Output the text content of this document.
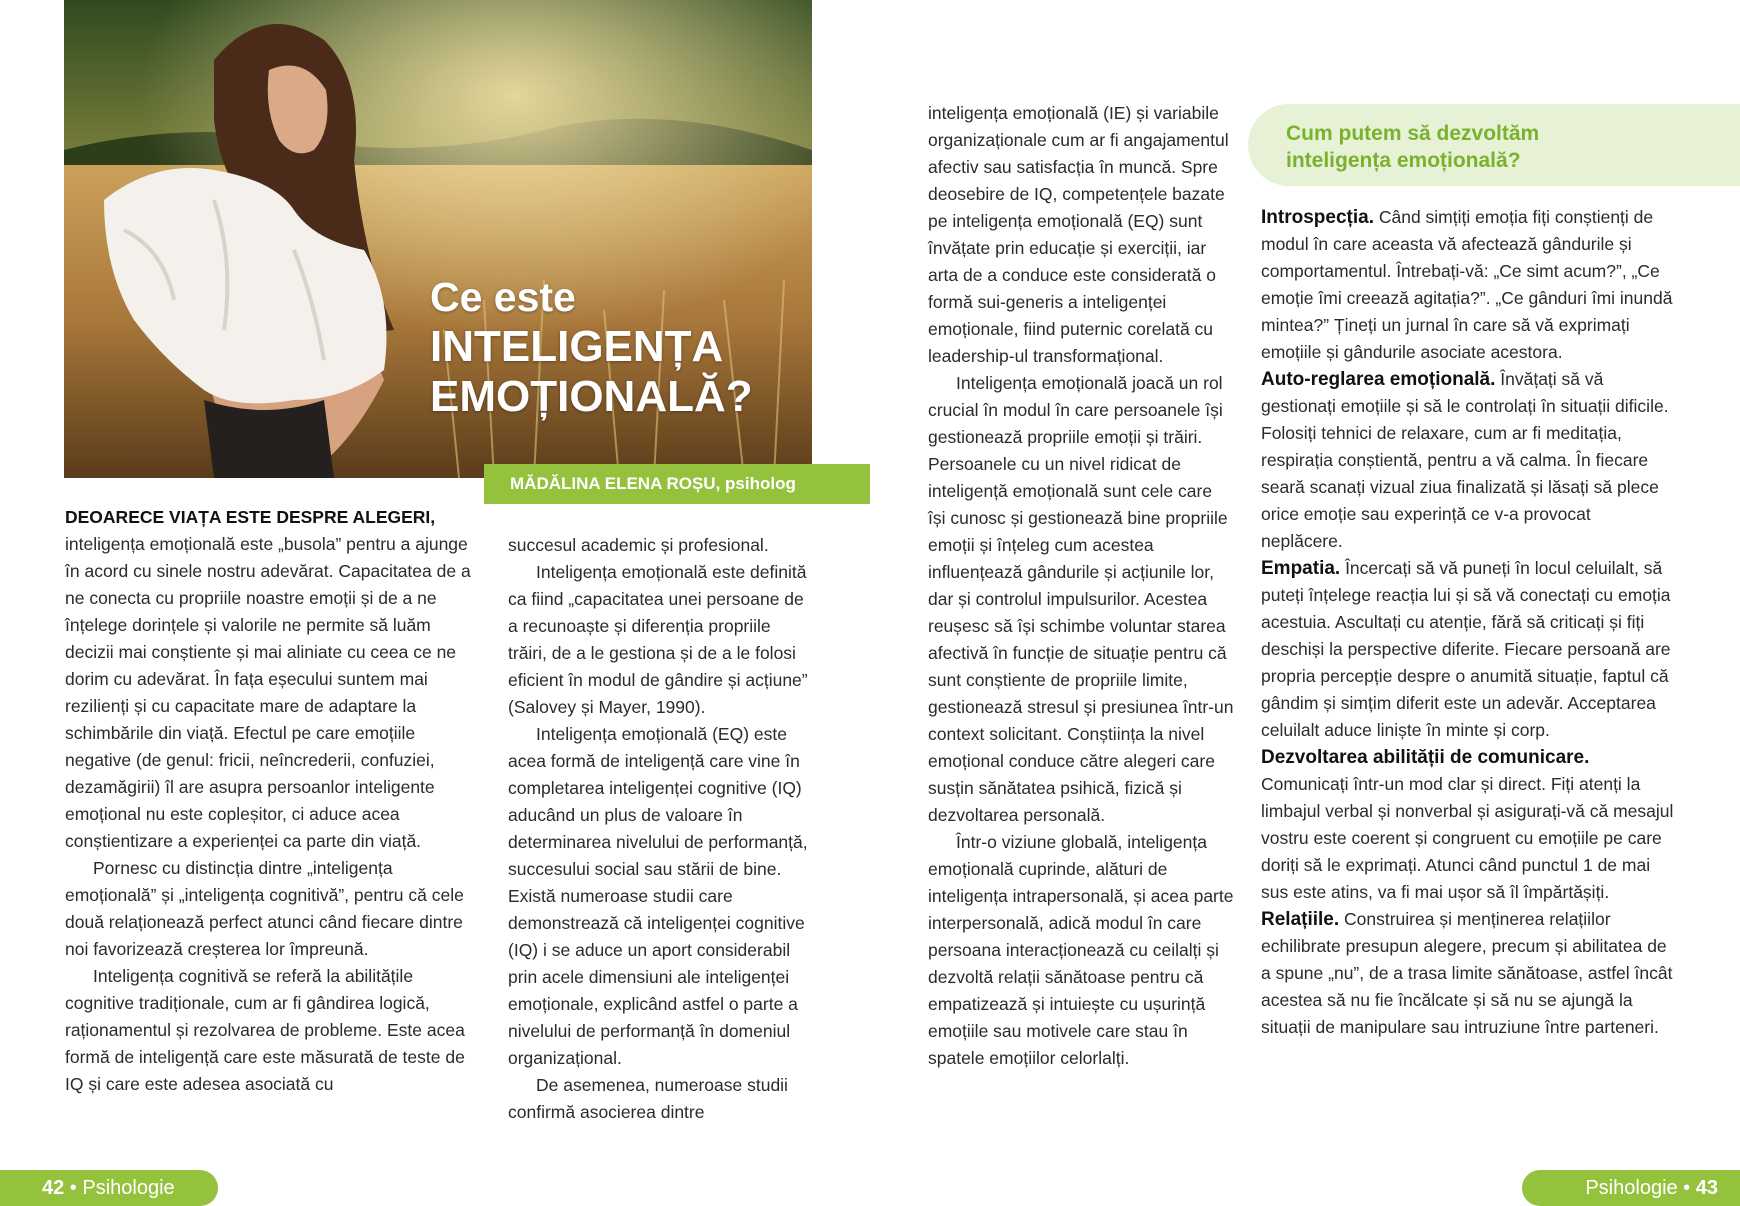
Ce este
INTELIGENȚA
EMOȚIONALĂ?
MĂDĂLINA ELENA ROȘU, psiholog

DEOARECE VIAȚA ESTE DESPRE ALEGERI,
inteligența emoțională este „busola” pentru a ajunge în acord cu sinele nostru adevărat. Capacitatea de a ne conecta cu propriile noastre emoții și de a ne înțelege dorințele și valorile ne permite să luăm decizii mai conștiente și mai aliniate cu ceea ce ne dorim cu adevărat. În fața eșecului suntem mai rezilienți și cu capacitate mare de adaptare la schimbările din viață. Efectul pe care emoțiile negative (de genul: fricii, neîncrederii, confuziei, dezamăgirii) îl are asupra persoanlor inteligente emoțional nu este copleșitor, ci aduce acea conștientizare a experienței ca parte din viață.

Pornesc cu distincția dintre „inteligența emoțională” și „inteligența cognitivă”, pentru că cele două relaționează perfect atunci când fiecare dintre noi favorizează creșterea lor împreună.

Inteligența cognitivă se referă la abilitățile cognitive tradiționale, cum ar fi gândirea logică, raționamentul și rezolvarea de probleme. Este acea formă de inteligență care este măsurată de teste de IQ și care este adesea asociată cu

succesul academic și profesional.

Inteligența emoțională este definită ca fiind „capacitatea unei persoane de a recunoaște și diferenția propriile trăiri, de a le gestiona și de a le folosi eficient în modul de gândire și acțiune” (Salovey și Mayer, 1990).

Inteligența emoțională (EQ) este acea formă de inteligență care vine în completarea inteligenței cognitive (IQ) aducând un plus de valoare în determinarea nivelului de performanță, succesului social sau stării de bine. Există numeroase studii care demonstrează că inteligenței cognitive (IQ) i se aduce un aport considerabil prin acele dimensiuni ale inteligenței emoționale, explicând astfel o parte a nivelului de performanță în domeniul organizațional.

De asemenea, numeroase studii confirmă asocierea dintre

inteligența emoțională (IE) și variabile organizaționale cum ar fi angajamentul afectiv sau satisfacția în muncă. Spre deosebire de IQ, competențele bazate pe inteligența emoțională (EQ) sunt învățate prin educație și exerciții, iar arta de a conduce este considerată o formă sui-generis a inteligenței emoționale, fiind puternic corelată cu leadership-ul transformațional.

Inteligența emoțională joacă un rol crucial în modul în care persoanele își gestionează propriile emoții și trăiri. Persoanele cu un nivel ridicat de inteligență emoțională sunt cele care își cunosc și gestionează bine propriile emoții și înțeleg cum acestea influențează gândurile și acțiunile lor, dar și controlul impulsurilor. Acestea reușesc să își schimbe voluntar starea afectivă în funcție de situație pentru că sunt conștiente de propriile limite, gestionează stresul și presiunea într-un context solicitant. Conștiința la nivel emoțional conduce către alegeri care susțin sănătatea psihică, fizică și dezvoltarea personală.

Într-o viziune globală, inteligența emoțională cuprinde, alături de inteligența intrapersonală, și acea parte interpersonală, adică modul în care persoana interacționează cu ceilalți și dezvoltă relații sănătoase pentru că empatizează și intuiește cu ușurință emoțiile sau motivele care stau în spatele emoțiilor celorlalți.

Cum putem să dezvoltăm inteligența emoțională?

Introspecția. Când simțiți emoția fiți conștienți de modul în care aceasta vă afectează gândurile și comportamentul. Întrebați-vă: „Ce simt acum?”, „Ce emoție îmi creează agitația?”. „Ce gânduri îmi inundă mintea?” Țineți un jurnal în care să vă exprimați emoțiile și gândurile asociate acestora.

Auto-reglarea emoțională. Învățați să vă gestionați emoțiile și să le controlați în situații dificile. Folosiți tehnici de relaxare, cum ar fi meditația, respirația conștientă, pentru a vă calma. În fiecare seară scanați vizual ziua finalizată și lăsați să plece orice emoție sau experință ce v-a provocat neplăcere.

Empatia. Încercați să vă puneți în locul celuilalt, să puteți înțelege reacția lui și să vă conectați cu emoția acestuia. Ascultați cu atenție, fără să criticați și fiți deschiși la perspective diferite. Fiecare persoană are propria percepție despre o anumită situație, faptul că gândim și simțim diferit este un adevăr. Acceptarea celuilalt aduce liniște în minte și corp.

Dezvoltarea abilității de comunicare.
Comunicați într-un mod clar și direct. Fiți atenți la limbajul verbal și nonverbal și asigurați-vă că mesajul vostru este coerent și congruent cu emoțiile pe care doriți să le exprimați. Atunci când punctul 1 de mai sus este atins, va fi mai ușor să îl împărtășiți.

Relațiile. Construirea și menținerea relațiilor echilibrate presupun alegere, precum și abilitatea de a spune „nu”, de a trasa limite sănătoase, astfel încât acestea să nu fie încălcate și să nu se ajungă la situații de manipulare sau intruziune între parteneri.

42 • Psihologie	Psihologie • 43
